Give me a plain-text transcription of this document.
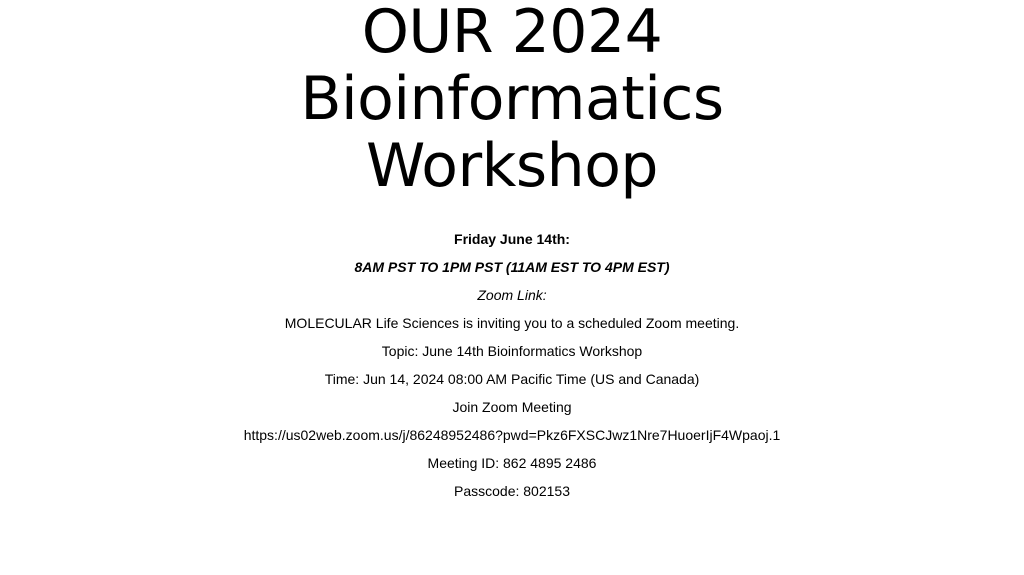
OUR 2024
Bioinformatics
Workshop
Friday June 14th:
8AM PST TO 1PM PST (11AM EST TO 4PM EST)
Zoom Link:
MOLECULAR Life Sciences is inviting you to a scheduled Zoom meeting.
Topic: June 14th Bioinformatics Workshop
Time: Jun 14, 2024 08:00 AM Pacific Time (US and Canada)
Join Zoom Meeting
https://us02web.zoom.us/j/86248952486?pwd=Pkz6FXSCJwz1Nre7HuoerIjF4Wpaoj.1
Meeting ID: 862 4895 2486
Passcode: 802153
